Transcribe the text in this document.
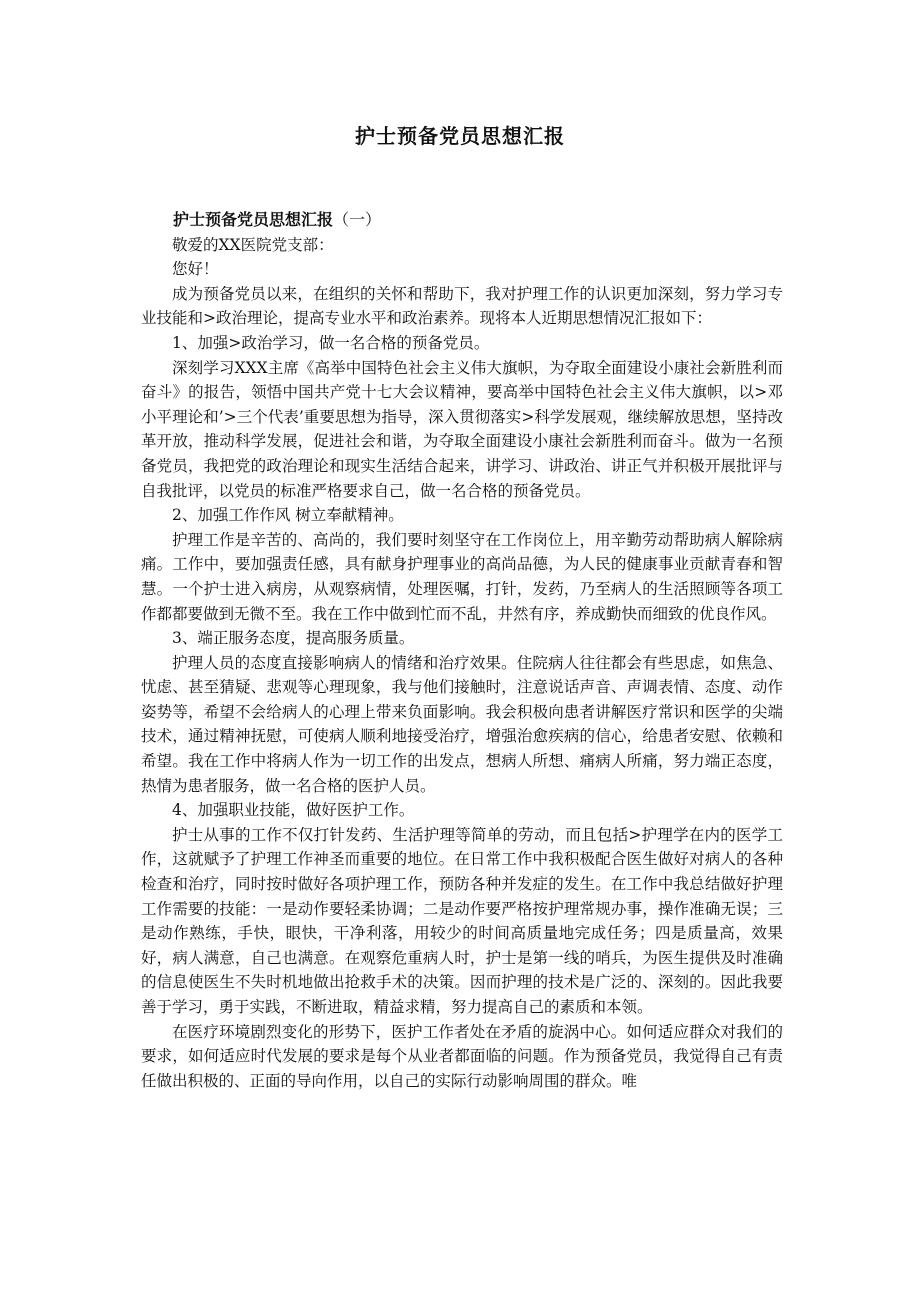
护士预备党员思想汇报

护士预备党员思想汇报（一）

敬爱的XX医院党支部：

您好！

成为预备党员以来，在组织的关怀和帮助下，我对护理工作的认识更加深刻，努力学习专业技能和>政治理论，提高专业水平和政治素养。现将本人近期思想情况汇报如下：

1、加强>政治学习，做一名合格的预备党员。

深刻学习XXX主席《高举中国特色社会主义伟大旗帜，为夺取全面建设小康社会新胜利而奋斗》的报告，领悟中国共产党十七大会议精神，要高举中国特色社会主义伟大旗帜，以>邓小平理论和’>三个代表’重要思想为指导，深入贯彻落实>科学发展观，继续解放思想，坚持改革开放，推动科学发展，促进社会和谐，为夺取全面建设小康社会新胜利而奋斗。做为一名预备党员，我把党的政治理论和现实生活结合起来，讲学习、讲政治、讲正气并积极开展批评与自我批评，以党员的标准严格要求自己，做一名合格的预备党员。

2、加强工作作风 树立奉献精神。

护理工作是辛苦的、高尚的，我们要时刻坚守在工作岗位上，用辛勤劳动帮助病人解除病痛。工作中，要加强责任感，具有献身护理事业的高尚品德，为人民的健康事业贡献青春和智慧。一个护士进入病房，从观察病情，处理医嘱，打针，发药，乃至病人的生活照顾等各项工作都都要做到无微不至。我在工作中做到忙而不乱，井然有序，养成勤快而细致的优良作风。

3、端正服务态度，提高服务质量。

护理人员的态度直接影响病人的情绪和治疗效果。住院病人往往都会有些思虑，如焦急、忧虑、甚至猜疑、悲观等心理现象，我与他们接触时，注意说话声音、声调表情、态度、动作姿势等，希望不会给病人的心理上带来负面影响。我会积极向患者讲解医疗常识和医学的尖端技术，通过精神抚慰，可使病人顺利地接受治疗，增强治愈疾病的信心，给患者安慰、依赖和希望。我在工作中将病人作为一切工作的出发点，想病人所想、痛病人所痛，努力端正态度，热情为患者服务，做一名合格的医护人员。

4、加强职业技能，做好医护工作。

护士从事的工作不仅打针发药、生活护理等简单的劳动，而且包括>护理学在内的医学工作，这就赋予了护理工作神圣而重要的地位。在日常工作中我积极配合医生做好对病人的各种检查和治疗，同时按时做好各项护理工作，预防各种并发症的发生。在工作中我总结做好护理工作需要的技能：一是动作要轻柔协调；二是动作要严格按护理常规办事，操作准确无误；三是动作熟练，手快，眼快，干净利落，用较少的时间高质量地完成任务；四是质量高，效果好，病人满意，自己也满意。在观察危重病人时，护士是第一线的哨兵，为医生提供及时准确的信息使医生不失时机地做出抢救手术的决策。因而护理的技术是广泛的、深刻的。因此我要善于学习，勇于实践，不断进取，精益求精，努力提高自己的素质和本领。

在医疗环境剧烈变化的形势下，医护工作者处在矛盾的旋涡中心。如何适应群众对我们的要求，如何适应时代发展的要求是每个从业者都面临的问题。作为预备党员，我觉得自己有责任做出积极的、正面的导向作用，以自己的实际行动影响周围的群众。唯
